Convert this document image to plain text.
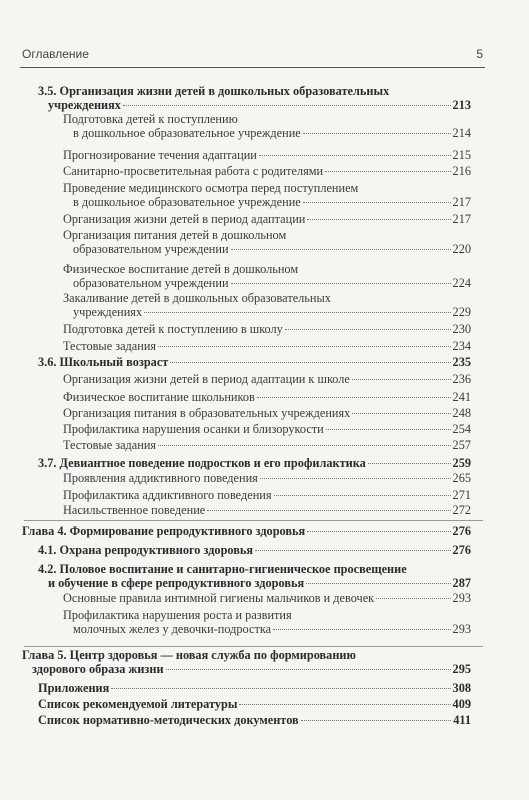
Оглавление	5
3.5. Организация жизни детей в дошкольных образовательных
учреждениях	213
Подготовка детей к поступлению
в дошкольное образовательное учреждение	214
Прогнозирование течения адаптации	215
Санитарно-просветительная работа с родителями	216
Проведение медицинского осмотра перед поступлением
в дошкольное образовательное учреждение	217
Организация жизни детей в период адаптации	217
Организация питания детей в дошкольном
образовательном учреждении	220
Физическое воспитание детей в дошкольном
образовательном учреждении	224
Закаливание детей в дошкольных образовательных
учреждениях	229
Подготовка детей к поступлению в школу	230
Тестовые задания	234
3.6. Школьный возраст	235
Организация жизни детей в период адаптации к школе	236
Физическое воспитание школьников	241
Организация питания в образовательных учреждениях	248
Профилактика нарушения осанки и близорукости	254
Тестовые задания	257
3.7. Девиантное поведение подростков и его профилактика	259
Проявления аддиктивного поведения	265
Профилактика аддиктивного поведения	271
Насильственное поведение	272
Глава 4. Формирование репродуктивного здоровья	276
4.1. Охрана репродуктивного здоровья	276
4.2. Половое воспитание и санитарно-гигиеническое просвещение
и обучение в сфере репродуктивного здоровья	287
Основные правила интимной гигиены мальчиков и девочек	293
Профилактика нарушения роста и развития
молочных желез у девочки-подростка	293
Глава 5. Центр здоровья — новая служба по формированию
здорового образа жизни	295
Приложения	308
Список рекомендуемой литературы	409
Список нормативно-методических документов	411
